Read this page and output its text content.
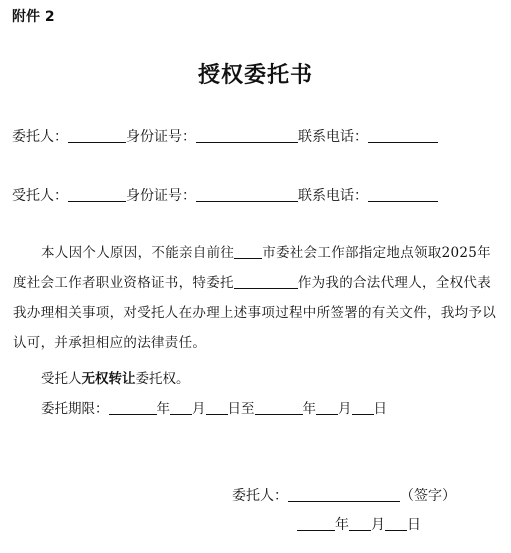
附件 2
授权委托书
委托人：	身份证号：	联系电话：
受托人：	身份证号：	联系电话：
本人因个人原因，不能亲自前往 市委社会工作部指定地点领取2025年度社会工作者职业资格证书，特委托	作为我的合法代理人，全权代表我办理相关事项，对受托人在办理上述事项过程中所签署的有关文件，我均予以认可，并承担相应的法律责任。
受托人无权转让委托权。
委托期限：	年 月 日至	年 月 日
委托人：	（签字）
年 月 日
